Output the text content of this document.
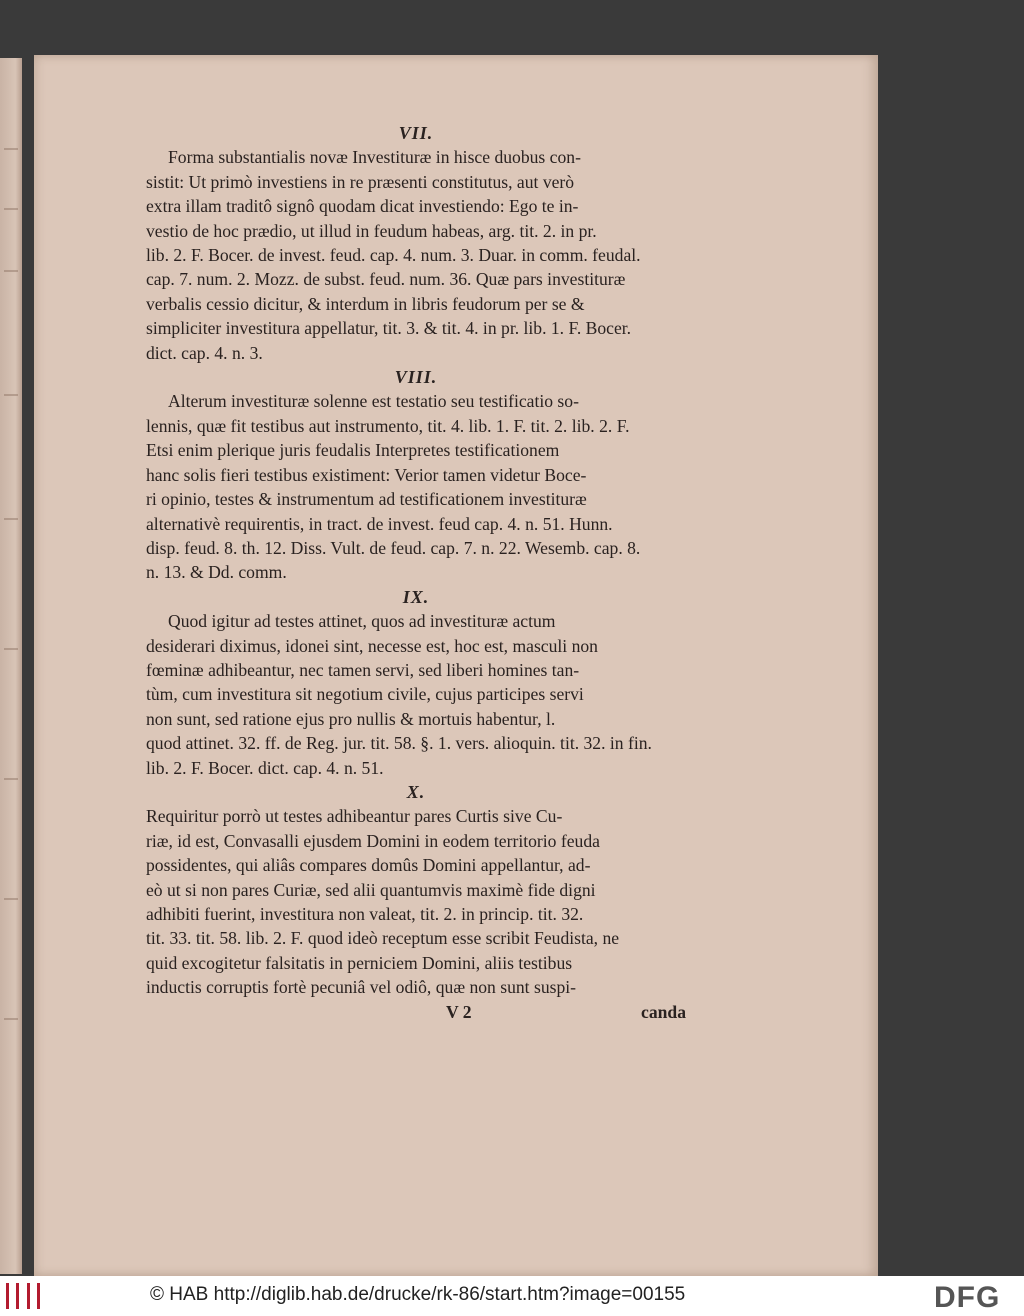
VII.

Forma substantialis novæ Investituræ in hisce duobus con-
sistit: Ut primò investiens in re præsenti constitutus, aut verò
extra illam traditô signô quodam dicat investiendo: Ego te in-
vestio de hoc prædio, ut illud in feudum habeas, arg. tit. 2. in pr.
lib. 2. F. Bocer. de invest. feud. cap. 4. num. 3. Duar. in comm. feudal.
cap. 7. num. 2. Mozz. de subst. feud. num. 36. Quæ pars investituræ
verbalis cessio dicitur, & interdum in libris feudorum per se &
simpliciter investitura appellatur, tit. 3. & tit. 4. in pr. lib. 1. F. Bocer.
dict. cap. 4. n. 3.

VIII.

Alterum investituræ solenne est testatio seu testificatio so-
lennis, quæ fit testibus aut instrumento, tit. 4. lib. 1. F. tit. 2. lib. 2. F.
Etsi enim plerique juris feudalis Interpretes testificationem
hanc solis fieri testibus existiment: Verior tamen videtur Boce-
ri opinio, testes & instrumentum ad testificationem investituræ
alternativè requirentis, in tract. de invest. feud cap. 4. n. 51. Hunn.
disp. feud. 8. th. 12. Diss. Vult. de feud. cap. 7. n. 22. Wesemb. cap. 8.
n. 13. & Dd. comm.

IX.

Quod igitur ad testes attinet, quos ad investituræ actum
desiderari diximus, idonei sint, necesse est, hoc est, masculi non
fœminæ adhibeantur, nec tamen servi, sed liberi homines tan-
tùm, cum investitura sit negotium civile, cujus participes servi
non sunt, sed ratione ejus pro nullis & mortuis habentur, l.
quod attinet. 32. ff. de Reg. jur. tit. 58. §. 1. vers. alioquin. tit. 32. in fin.
lib. 2. F. Bocer. dict. cap. 4. n. 51.

X.

Requiritur porrò ut testes adhibeantur pares Curtis sive Cu-
riæ, id est, Convasalli ejusdem Domini in eodem territorio feuda
possidentes, qui aliâs compares domûs Domini appellantur, ad-
eò ut si non pares Curiæ, sed alii quantumvis maximè fide digni
adhibiti fuerint, investitura non valeat, tit. 2. in princip. tit. 32.
tit. 33. tit. 58. lib. 2. F. quod ideò receptum esse scribit Feudista, ne
quid excogitetur falsitatis in perniciem Domini, aliis testibus
inductis corruptis fortè pecuniâ vel odiô, quæ non sunt suspi-

V 2	canda
© HAB http://diglib.hab.de/drucke/rk-86/start.htm?image=00155	DFG
